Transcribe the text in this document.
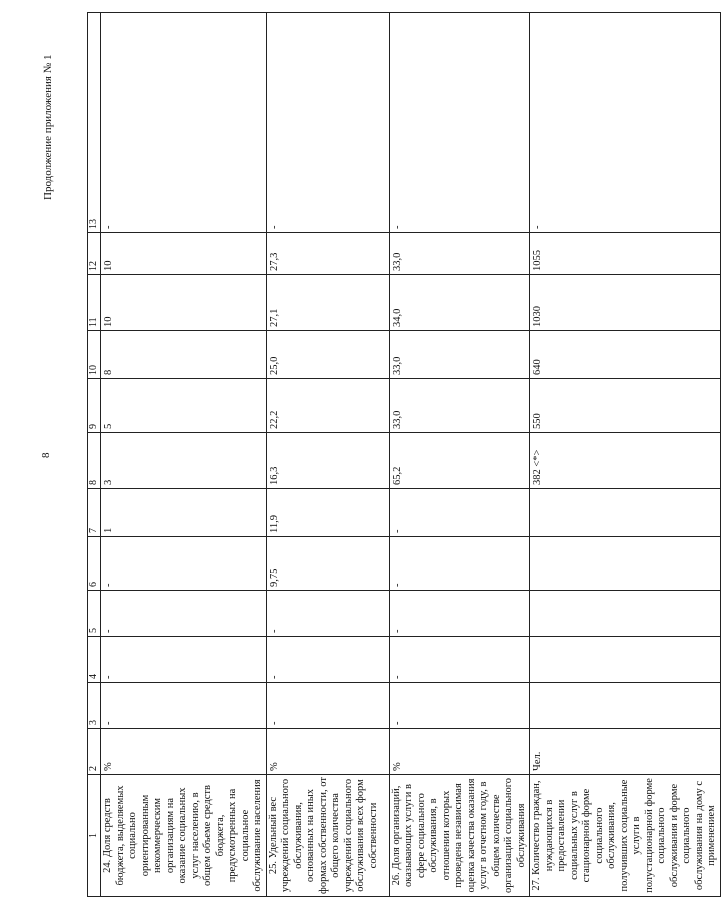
8
Продолжение приложения № 1
1	2	3	4	5	6	7	8	9	10	11	12	13
24. Доля средств бюджета, выделяемых социально ориентированным некоммерческим организациям на оказание социальных услуг населению, в общем объеме средств бюджета, предусмотренных на социальное обслуживание населения	%	-	-	-	-	1	3	5	8	10	10	-
25. Удельный вес учреждений социального обслуживания, основанных на иных формах собственности, от общего количества учреждений социального обслуживания всех форм собственности	%	-	-	-	9,75	11,9	16,3	22,2	25,0	27,1	27,3	-
26. Доля организаций, оказывающих услуги в сфере социального обслуживания, в отношении которых проведена независимая оценка качества оказания услуг в отчетном году, в общем количестве организаций социального обслуживания	%	-	-	-	-	-	65,2	33,0	33,0	34,0	33,0	-
27. Количество граждан, нуждающихся в предоставлении социальных услуг в стационарной форме социального обслуживания, получивших социальные услуги в полустационарной форме социального обслуживания и форме социального обслуживания на дому с применением	Чел.						382 <*>	550	640	1030	1055	-
